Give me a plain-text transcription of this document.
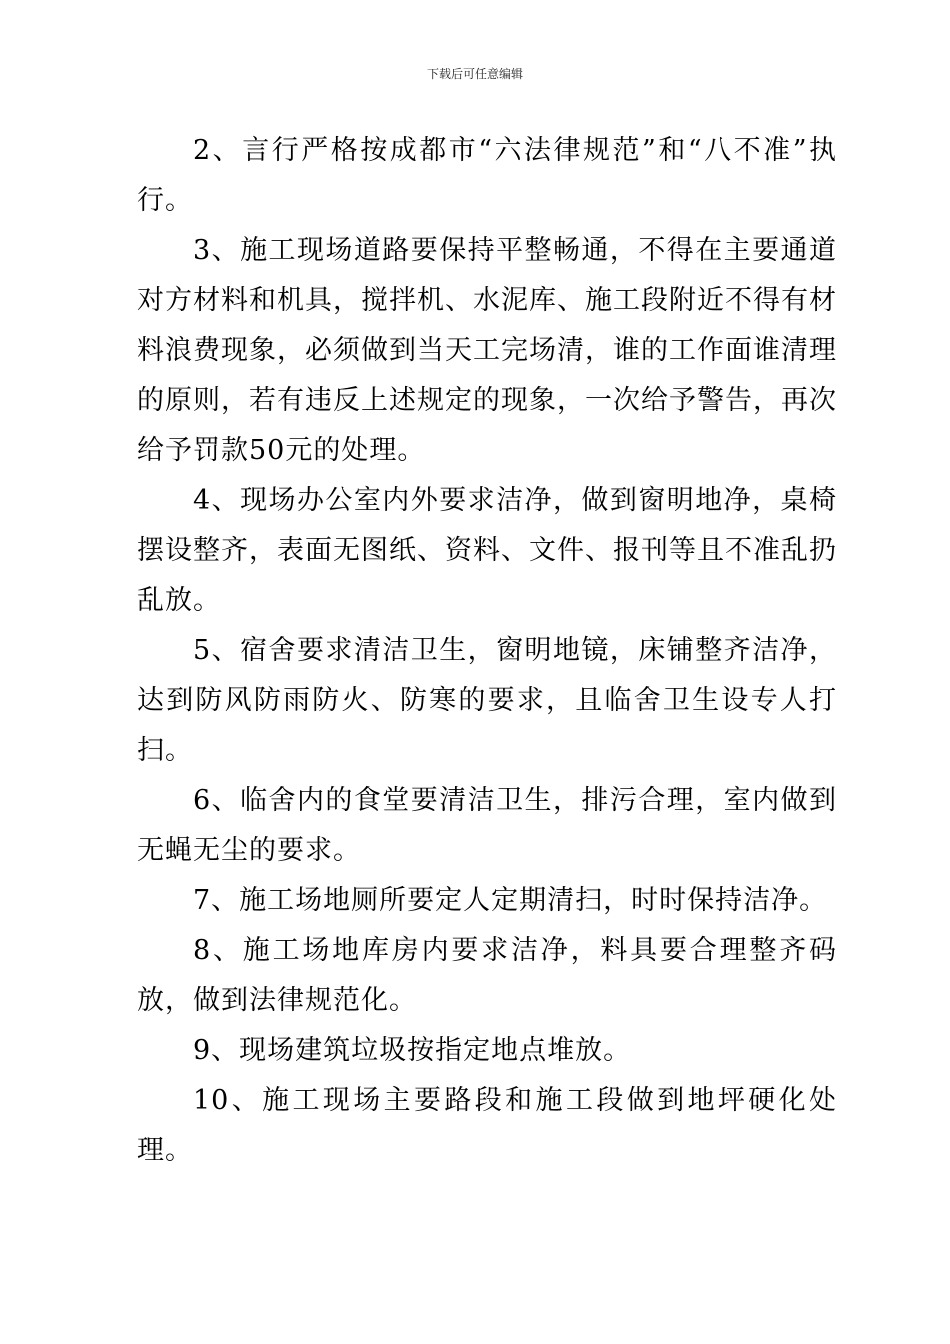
下载后可任意编辑

2、言行严格按成都市“六法律规范”和“八不准”执行。

3、施工现场道路要保持平整畅通，不得在主要通道对方材料和机具，搅拌机、水泥库、施工段附近不得有材料浪费现象，必须做到当天工完场清，谁的工作面谁清理的原则，若有违反上述规定的现象，一次给予警告，再次给予罚款50元的处理。

4、现场办公室内外要求洁净，做到窗明地净，桌椅摆设整齐，表面无图纸、资料、文件、报刊等且不准乱扔乱放。

5、宿舍要求清洁卫生，窗明地镜，床铺整齐洁净，达到防风防雨防火、防寒的要求，且临舍卫生设专人打扫。

6、临舍内的食堂要清洁卫生，排污合理，室内做到无蝇无尘的要求。

7、施工场地厕所要定人定期清扫，时时保持洁净。

8、施工场地库房内要求洁净，料具要合理整齐码放，做到法律规范化。

9、现场建筑垃圾按指定地点堆放。

10、施工现场主要路段和施工段做到地坪硬化处理。
